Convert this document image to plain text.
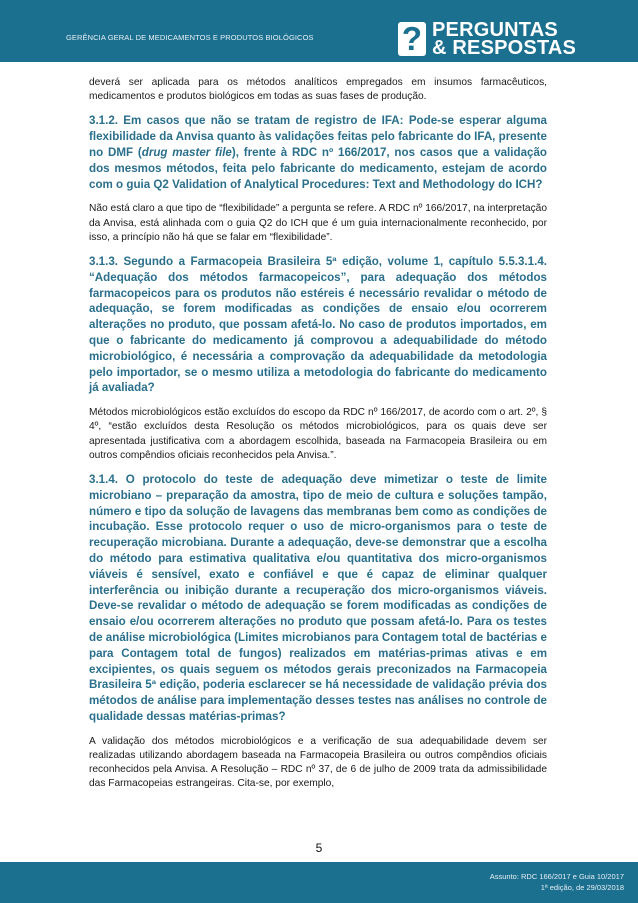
GERÊNCIA GERAL DE MEDICAMENTOS E PRODUTOS BIOLÓGICOS	? PERGUNTAS
& RESPOSTAS

deverá ser aplicada para os métodos analíticos empregados em insumos farmacêuticos, medicamentos e produtos biológicos em todas as suas fases de produção.

3.1.2. Em casos que não se tratam de registro de IFA: Pode-se esperar alguma flexibilidade da Anvisa quanto às validações feitas pelo fabricante do IFA, presente no DMF (drug master file), frente à RDC nº 166/2017, nos casos que a validação dos mesmos métodos, feita pelo fabricante do medicamento, estejam de acordo com o guia Q2 Validation of Analytical Procedures: Text and Methodology do ICH?

Não está claro a que tipo de “flexibilidade” a pergunta se refere. A RDC nº 166/2017, na interpretação da Anvisa, está alinhada com o guia Q2 do ICH que é um guia internacionalmente reconhecido, por isso, a princípio não há que se falar em “flexibilidade”.

3.1.3. Segundo a Farmacopeia Brasileira 5ª edição, volume 1, capítulo 5.5.3.1.4. “Adequação dos métodos farmacopeicos”, para adequação dos métodos farmacopeicos para os produtos não estéreis é necessário revalidar o método de adequação, se forem modificadas as condições de ensaio e/ou ocorrerem alterações no produto, que possam afetá-lo. No caso de produtos importados, em que o fabricante do medicamento já comprovou a adequabilidade do método microbiológico, é necessária a comprovação da adequabilidade da metodologia pelo importador, se o mesmo utiliza a metodologia do fabricante do medicamento já avaliada?

Métodos microbiológicos estão excluídos do escopo da RDC nº 166/2017, de acordo com o art. 2º, § 4º, “estão excluídos desta Resolução os métodos microbiológicos, para os quais deve ser apresentada justificativa com a abordagem escolhida, baseada na Farmacopeia Brasileira ou em outros compêndios oficiais reconhecidos pela Anvisa.”.

3.1.4. O protocolo do teste de adequação deve mimetizar o teste de limite microbiano – preparação da amostra, tipo de meio de cultura e soluções tampão, número e tipo da solução de lavagens das membranas bem como as condições de incubação. Esse protocolo requer o uso de micro-organismos para o teste de recuperação microbiana. Durante a adequação, deve-se demonstrar que a escolha do método para estimativa qualitativa e/ou quantitativa dos micro-organismos viáveis é sensível, exato e confiável e que é capaz de eliminar qualquer interferência ou inibição durante a recuperação dos micro-organismos viáveis. Deve-se revalidar o método de adequação se forem modificadas as condições de ensaio e/ou ocorrerem alterações no produto que possam afetá-lo. Para os testes de análise microbiológica (Limites microbianos para Contagem total de bactérias e para Contagem total de fungos) realizados em matérias-primas ativas e em excipientes, os quais seguem os métodos gerais preconizados na Farmacopeia Brasileira 5ª edição, poderia esclarecer se há necessidade de validação prévia dos métodos de análise para implementação desses testes nas análises no controle de qualidade dessas matérias-primas?

A validação dos métodos microbiológicos e a verificação de sua adequabilidade devem ser realizadas utilizando abordagem baseada na Farmacopeia Brasileira ou outros compêndios oficiais reconhecidos pela Anvisa. A Resolução – RDC nº 37, de 6 de julho de 2009 trata da admissibilidade das Farmacopeias estrangeiras. Cita-se, por exemplo,

5
Assunto: RDC 166/2017 e Guia 10/2017
1ª edição, de 29/03/2018
